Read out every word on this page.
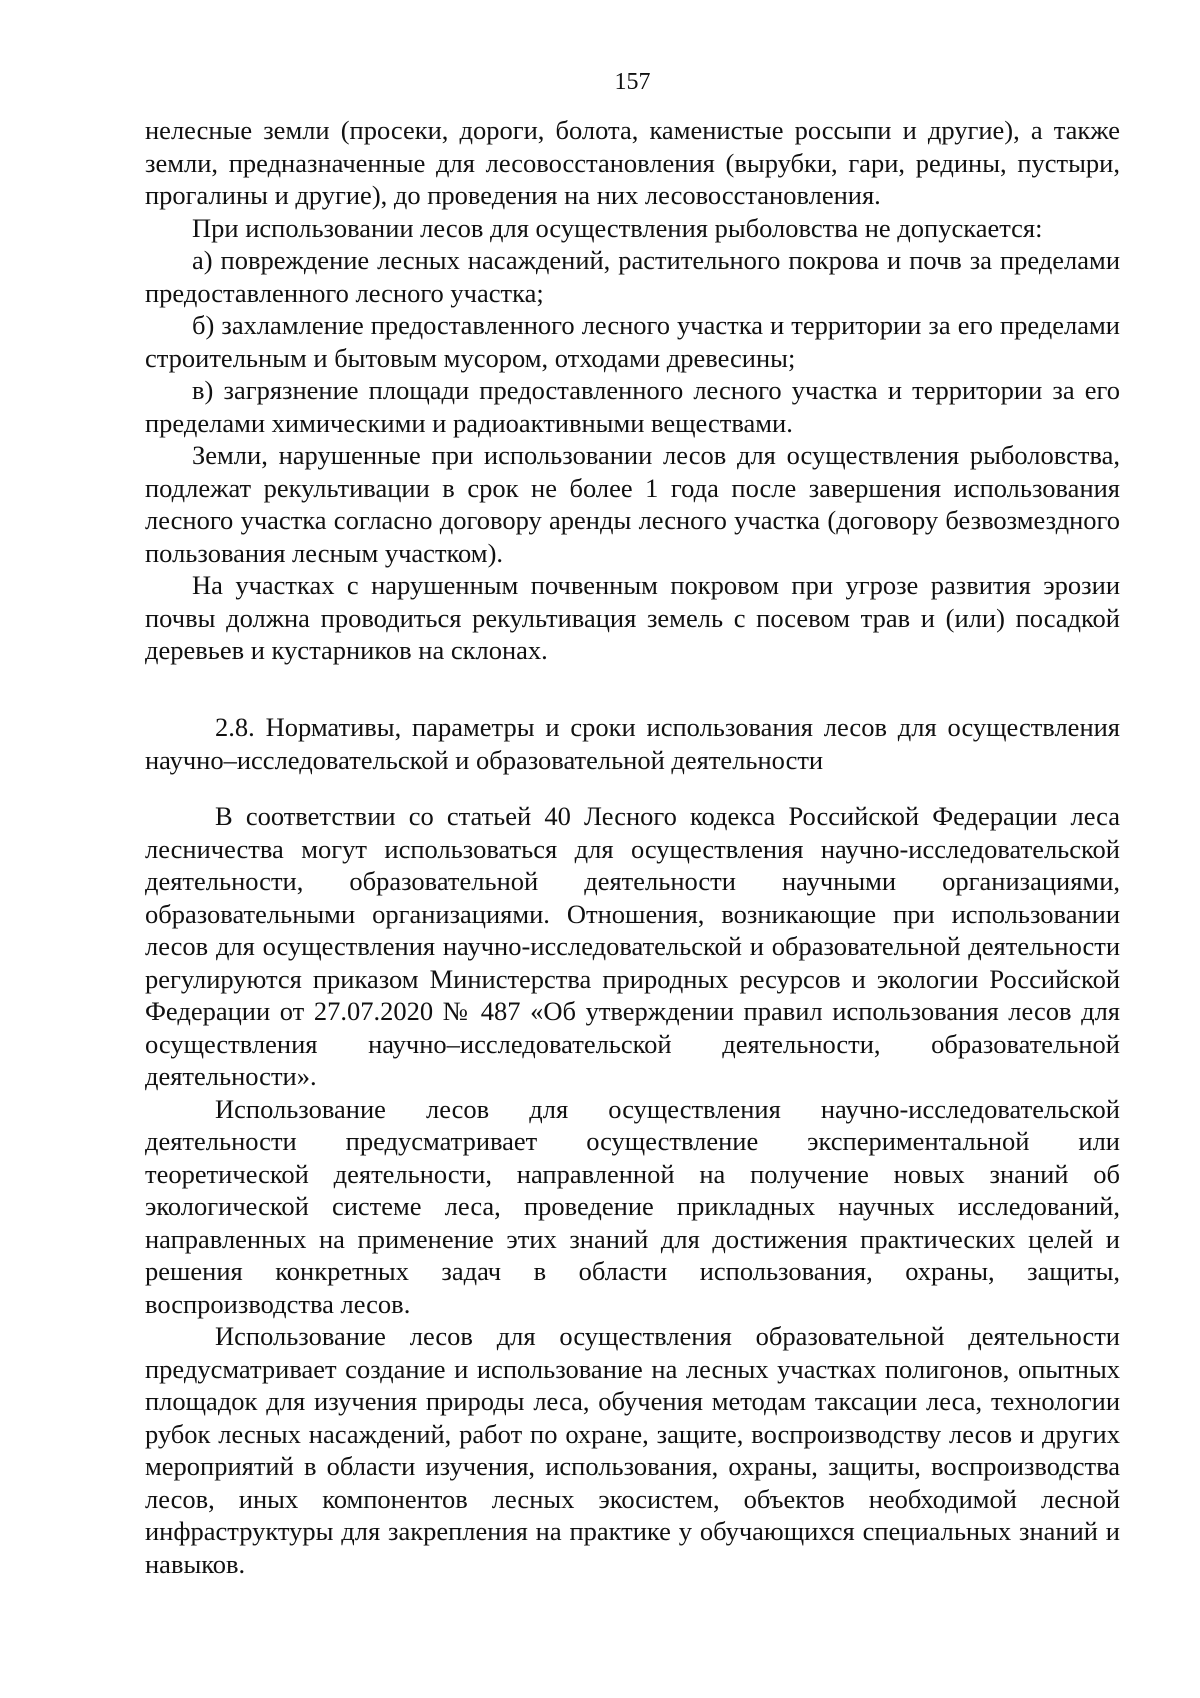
157

нелесные земли (просеки, дороги, болота, каменистые россыпи и другие), а также земли, предназначенные для лесовосстановления (вырубки, гари, редины, пустыри, прогалины и другие), до проведения на них лесовосстановления.

При использовании лесов для осуществления рыболовства не допускается:

а) повреждение лесных насаждений, растительного покрова и почв за пределами предоставленного лесного участка;

б) захламление предоставленного лесного участка и территории за его пределами строительным и бытовым мусором, отходами древесины;

в) загрязнение площади предоставленного лесного участка и территории за его пределами химическими и радиоактивными веществами.

Земли, нарушенные при использовании лесов для осуществления рыболовства, подлежат рекультивации в срок не более 1 года после завершения использования лесного участка согласно договору аренды лесного участка (договору безвозмездного пользования лесным участком).

На участках с нарушенным почвенным покровом при угрозе развития эрозии почвы должна проводиться рекультивация земель с посевом трав и (или) посадкой деревьев и кустарников на склонах.

2.8. Нормативы, параметры и сроки использования лесов для осуществления научно–исследовательской и образовательной деятельности

В соответствии со статьей 40 Лесного кодекса Российской Федерации леса лесничества могут использоваться для осуществления научно-исследовательской деятельности, образовательной деятельности научными организациями, образовательными организациями. Отношения, возникающие при использовании лесов для осуществления научно-исследовательской и образовательной деятельности регулируются приказом Министерства природных ресурсов и экологии Российской Федерации от 27.07.2020 № 487 «Об утверждении правил использования лесов для осуществления научно–исследовательской деятельности, образовательной деятельности».

Использование лесов для осуществления научно-исследовательской деятельности предусматривает осуществление экспериментальной или теоретической деятельности, направленной на получение новых знаний об экологической системе леса, проведение прикладных научных исследований, направленных на применение этих знаний для достижения практических целей и решения конкретных задач в области использования, охраны, защиты, воспроизводства лесов.

Использование лесов для осуществления образовательной деятельности предусматривает создание и использование на лесных участках полигонов, опытных площадок для изучения природы леса, обучения методам таксации леса, технологии рубок лесных насаждений, работ по охране, защите, воспроизводству лесов и других мероприятий в области изучения, использования, охраны, защиты, воспроизводства лесов, иных компонентов лесных экосистем, объектов необходимой лесной инфраструктуры для закрепления на практике у обучающихся специальных знаний и навыков.
